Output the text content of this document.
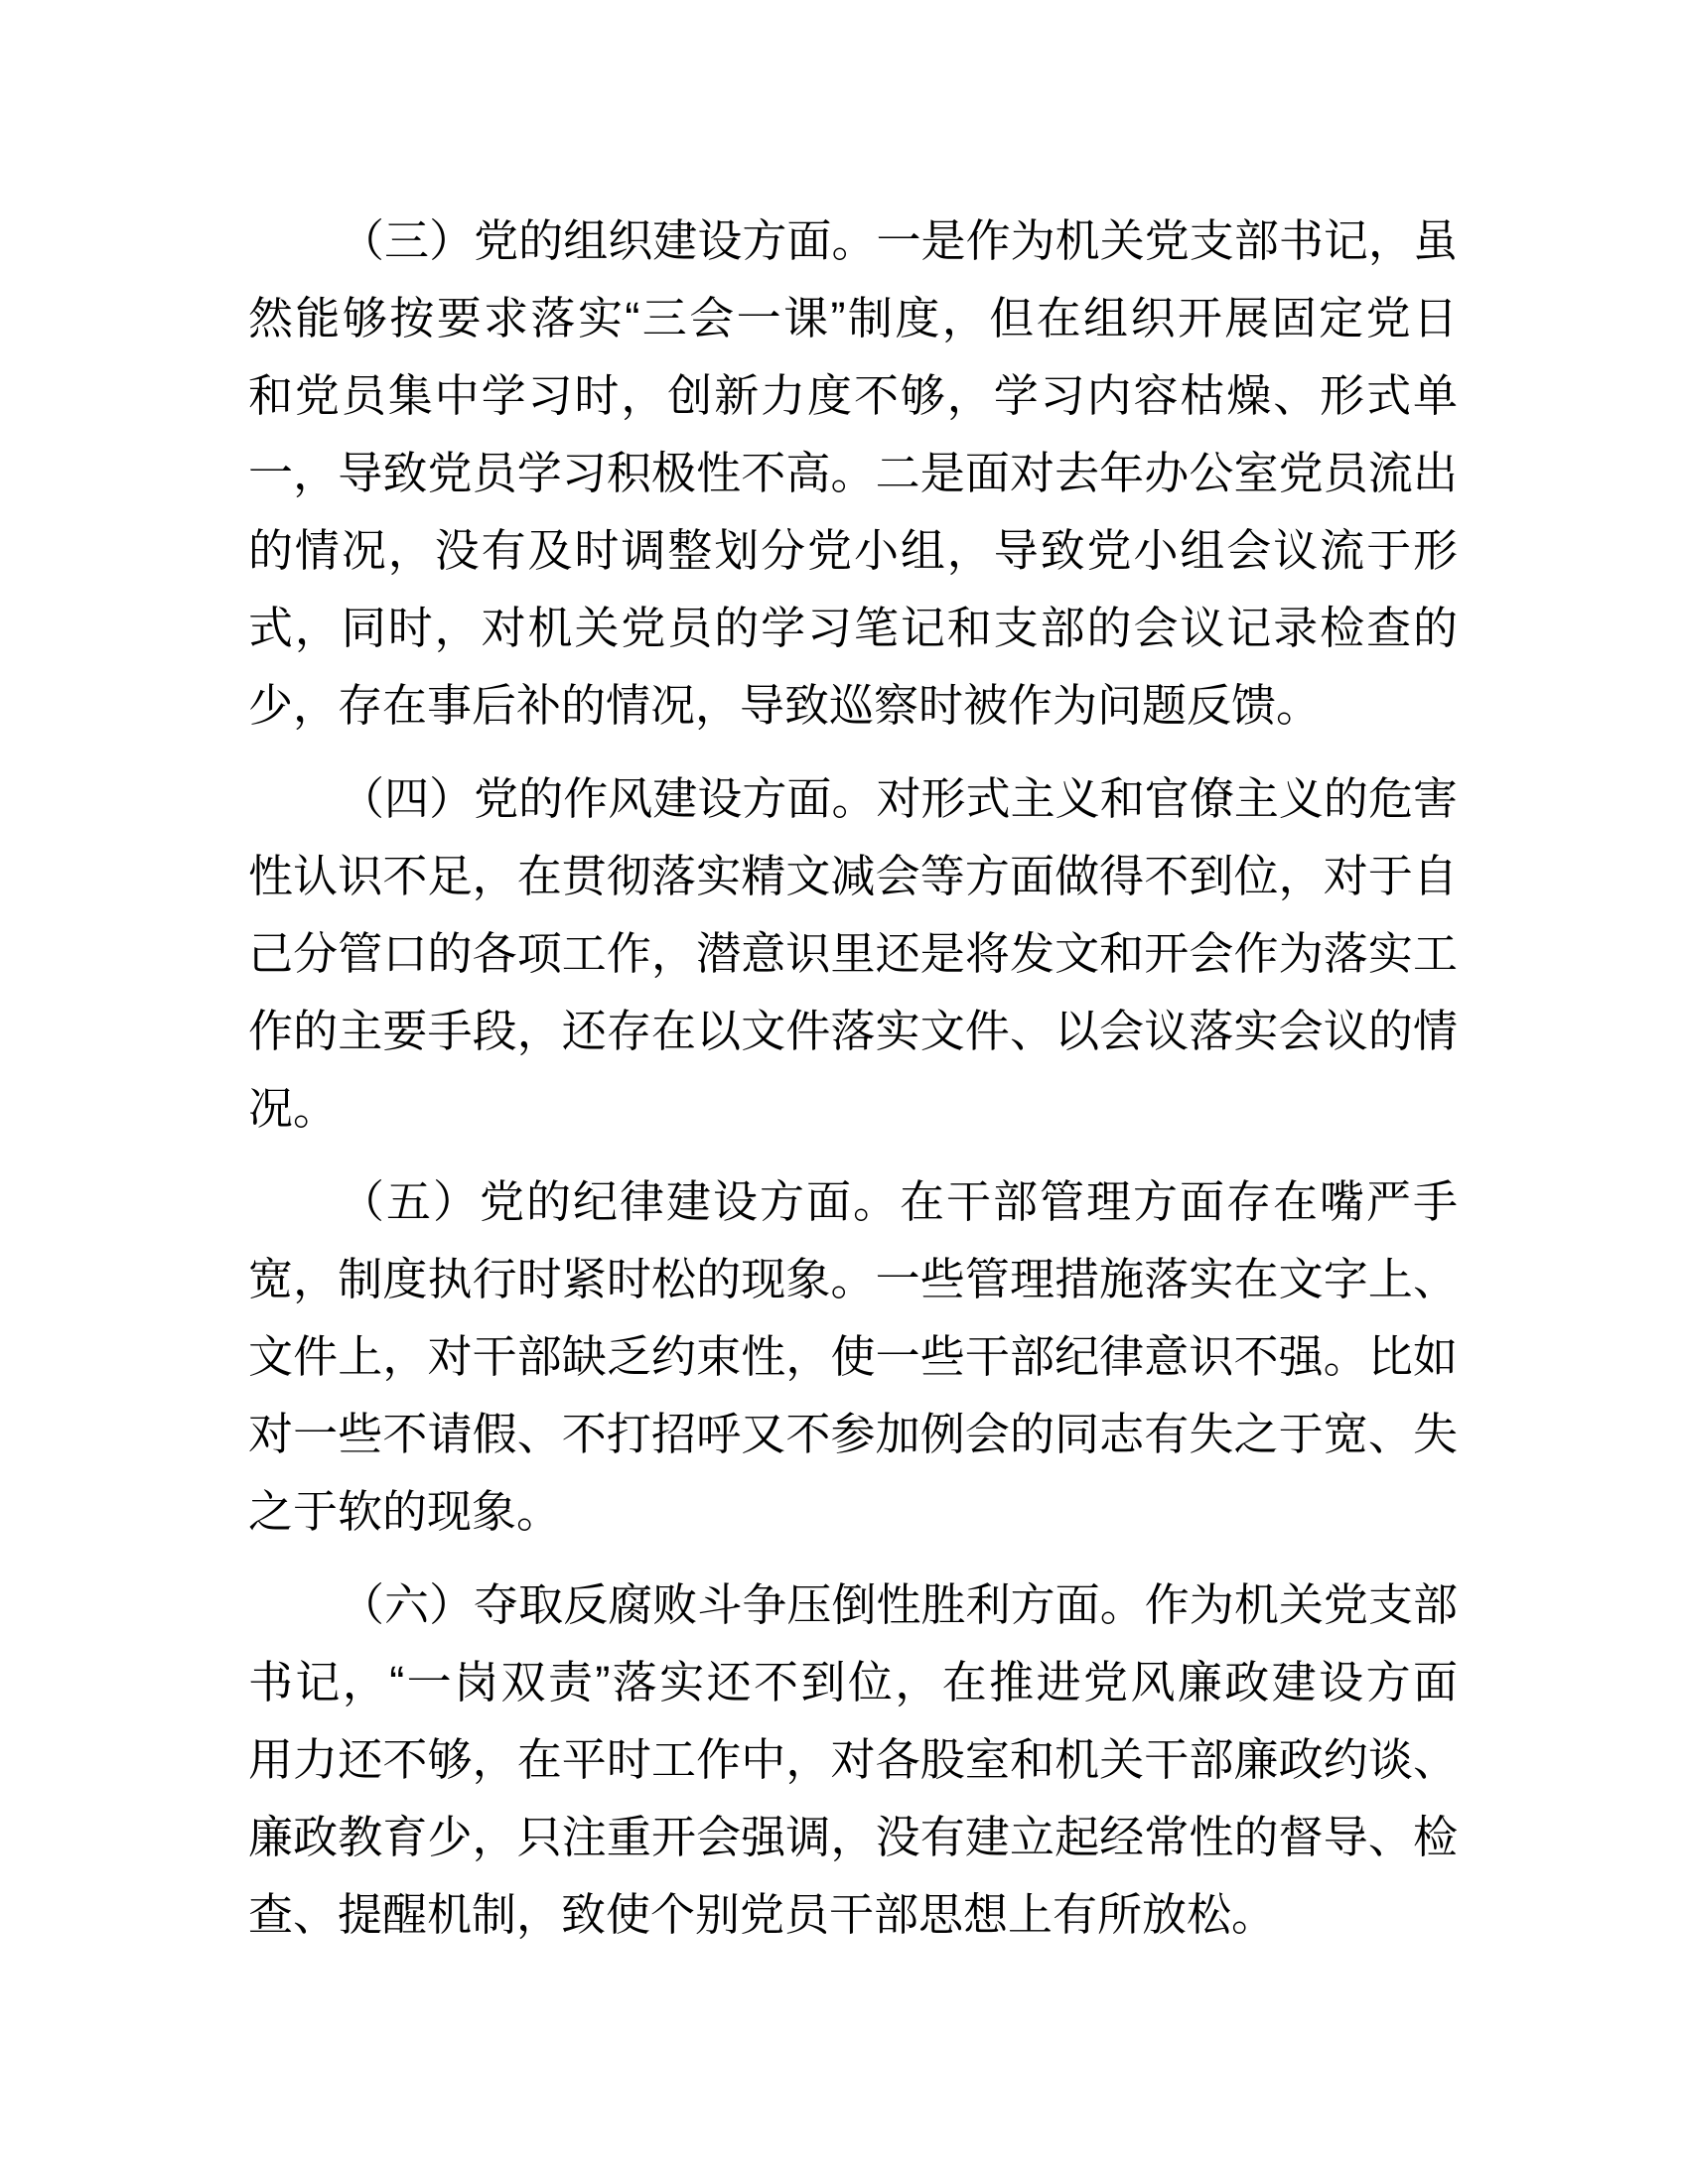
（三）党的组织建设方面。一是作为机关党支部书记，虽
然能够按要求落实“三会一课”制度，但在组织开展固定党日
和党员集中学习时，创新力度不够，学习内容枯燥、形式单
一，导致党员学习积极性不高。二是面对去年办公室党员流出
的情况，没有及时调整划分党小组，导致党小组会议流于形
式，同时，对机关党员的学习笔记和支部的会议记录检查的
少，存在事后补的情况，导致巡察时被作为问题反馈。
（四）党的作风建设方面。对形式主义和官僚主义的危害
性认识不足，在贯彻落实精文减会等方面做得不到位，对于自
己分管口的各项工作，潜意识里还是将发文和开会作为落实工
作的主要手段，还存在以文件落实文件、以会议落实会议的情
况。
（五）党的纪律建设方面。在干部管理方面存在嘴严手
宽，制度执行时紧时松的现象。一些管理措施落实在文字上、
文件上，对干部缺乏约束性，使一些干部纪律意识不强。比如
对一些不请假、不打招呼又不参加例会的同志有失之于宽、失
之于软的现象。
（六）夺取反腐败斗争压倒性胜利方面。作为机关党支部
书记，“一岗双责”落实还不到位，在推进党风廉政建设方面
用力还不够，在平时工作中，对各股室和机关干部廉政约谈、
廉政教育少，只注重开会强调，没有建立起经常性的督导、检
查、提醒机制，致使个别党员干部思想上有所放松。
